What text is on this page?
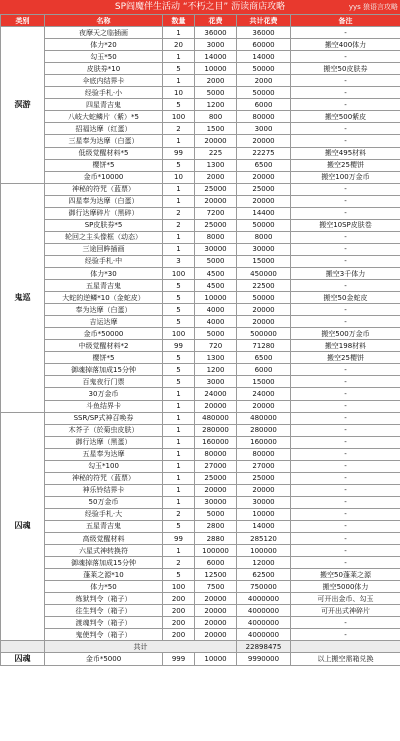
SP阎魔伴生活动 “不朽之目” 沥读商店攻略	yys 狼语言攻略
类别	名称	数量	花费	共计花费	备注
溟游	夜摩天之临插画	1	36000	36000	-
	体力*20	20	3000	60000	搬空400体力
	勾玉*50	1	14000	14000	-
	皮肤券*10	5	10000	50000	搬空50皮肤券
	伞底内结界卡	1	2000	2000	-
	经验手札·小	10	5000	50000	-
	四星青吉鬼	5	1200	6000	-
	八岐大蛇鳞片（紫）*5	100	800	80000	搬空500紫皮
	招福达摩（红蛋）	2	1500	3000	-
	三星奉为达摩（白蛋）	1	20000	20000	-
	低级觉醒材料*5	99	225	22275	搬空495材料
	樱饼*5	5	1300	6500	搬空25樱饼
	金币*10000	10	2000	20000	搬空100万金币
鬼巡	神秘的符咒（蓝票）	1	25000	25000	-
	四星奉为达摩（白蛋）	1	20000	20000	-
	御行达摩碎片（黑碎）	2	7200	14400	-
	SP皮肤券*5	2	25000	50000	搬空10SP皮肤卷
	轮回之主头像框（动态）	1	8000	8000	-
	三途回眸插画	1	30000	30000	-
	经验手札·中	3	5000	15000	-
	体力*30	100	4500	450000	搬空3千体力
	五星青吉鬼	5	4500	22500	-
	大蛇的逆鳞*10（金蛇皮）	5	10000	50000	搬空50金蛇皮
	奉为达摩（白蛋）	5	4000	20000	-
	吉运达摩	5	4000	20000	-
	金币*50000	100	5000	500000	搬空500万金币
	中级觉醒材料*2	99	720	71280	搬空198材料
	樱饼*5	5	1300	6500	搬空25樱饼
	御魂掉落加成15分钟	5	1200	6000	-
	百鬼夜行门票	5	3000	15000	-
	30万金币	1	24000	24000	-
	斗鱼结界卡	1	20000	20000	-
囚魂	SSR/SP式神召唤券	1	480000	480000	-
	木芥子（於菊虫皮肤）	1	280000	280000	-
	御行达摩（黑蛋）	1	160000	160000	-
	五星奉为达摩	1	80000	80000	-
	勾玉*100	1	27000	27000	-
	神秘的符咒（蓝票）	1	25000	25000	-
	神乐铃结界卡	1	20000	20000	-
	50万金币	1	30000	30000	-
	经验手札·大	2	5000	10000	-
	五星青吉鬼	5	2800	14000	-
	高级觉醒材料	99	2880	285120	-
	六星式神转换符	1	100000	100000	-
	御魂掉落加成15分钟	2	6000	12000	-
	蓬莱之源*10	5	12500	62500	搬空50蓬莱之源
	体力*50	100	7500	750000	搬空5000体力
	炼狱判令（箱子）	200	20000	4000000	可开出金币、勾玉
	往生判令（箱子）	200	20000	4000000	可开出式神碎片
	渡魂判令（箱子）	200	20000	4000000	-
	鬼使判令（箱子）	200	20000	4000000	-
	共计			22898475	
囚魂	金币*5000	999	10000	9990000	以上搬空需箱兑换
